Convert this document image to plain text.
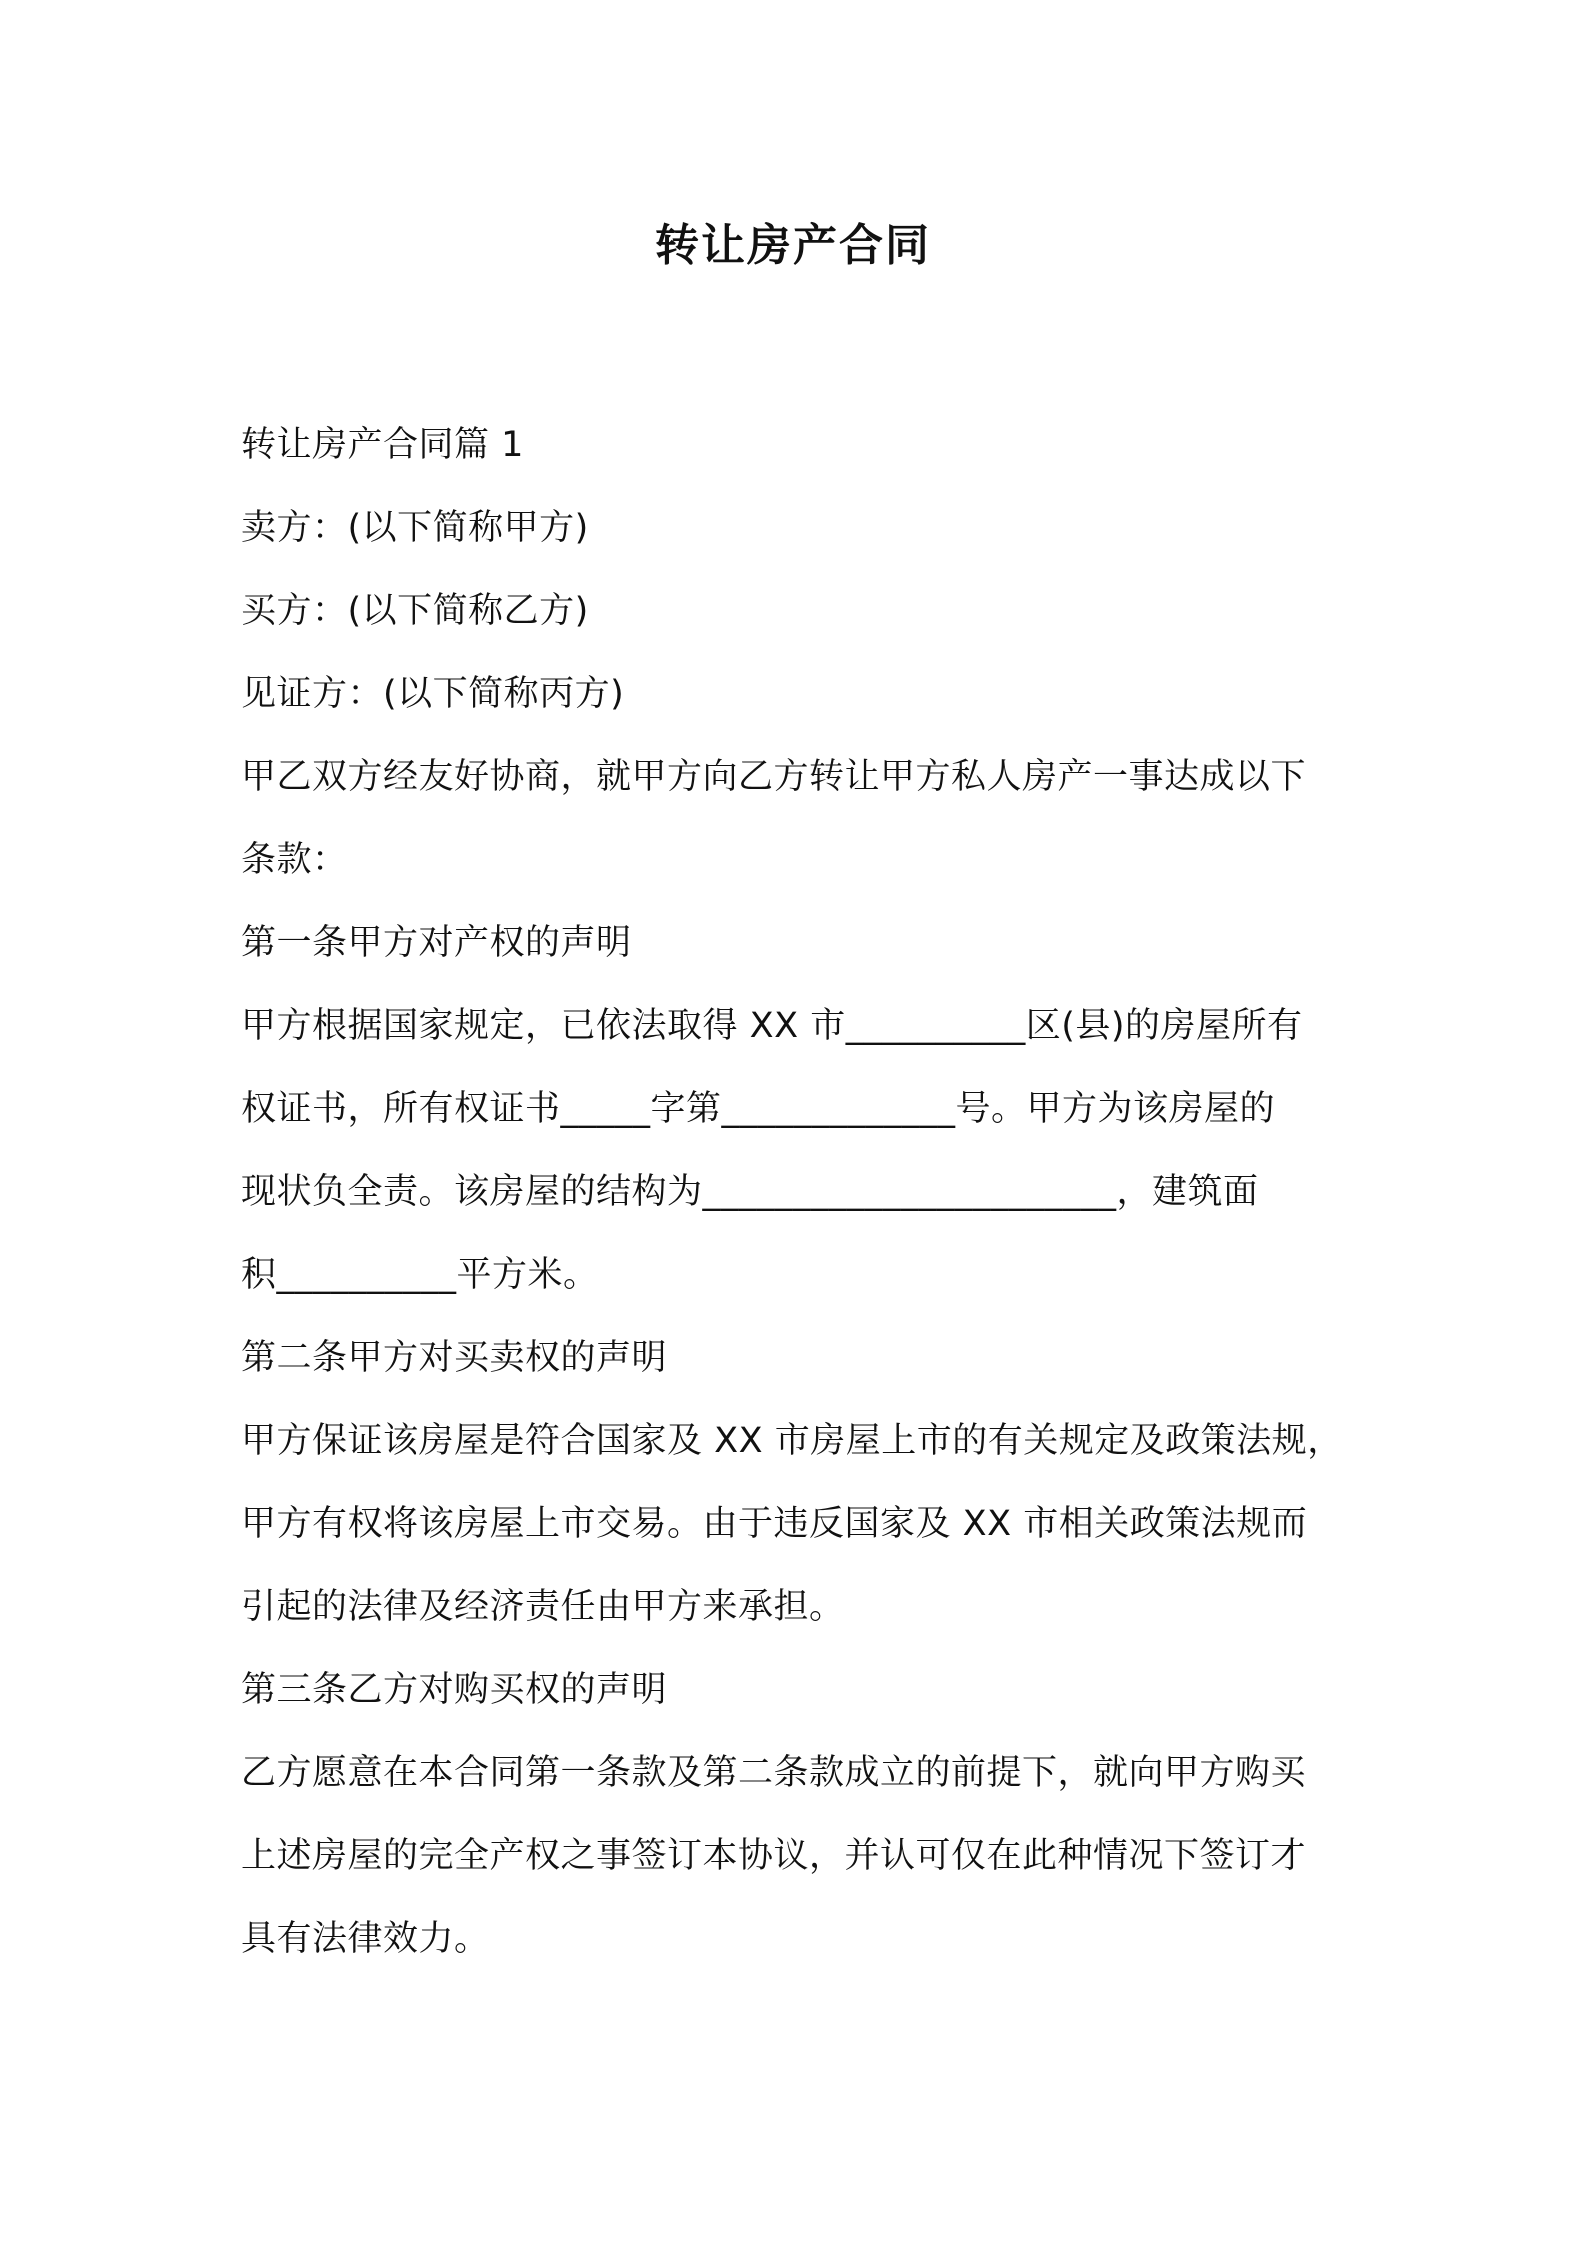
转让房产合同
转让房产合同篇 1
卖方：(以下简称甲方)
买方：(以下简称乙方)
见证方：(以下简称丙方)
甲乙双方经友好协商，就甲方向乙方转让甲方私人房产一事达成以下
条款：
第一条甲方对产权的声明
甲方根据国家规定，已依法取得 XX 市__________区(县)的房屋所有
权证书，所有权证书_____字第_____________号。甲方为该房屋的
现状负全责。该房屋的结构为_______________________，建筑面
积__________平方米。
第二条甲方对买卖权的声明
甲方保证该房屋是符合国家及 XX 市房屋上市的有关规定及政策法规，
甲方有权将该房屋上市交易。由于违反国家及 XX 市相关政策法规而
引起的法律及经济责任由甲方来承担。
第三条乙方对购买权的声明
乙方愿意在本合同第一条款及第二条款成立的前提下，就向甲方购买
上述房屋的完全产权之事签订本协议，并认可仅在此种情况下签订才
具有法律效力。
